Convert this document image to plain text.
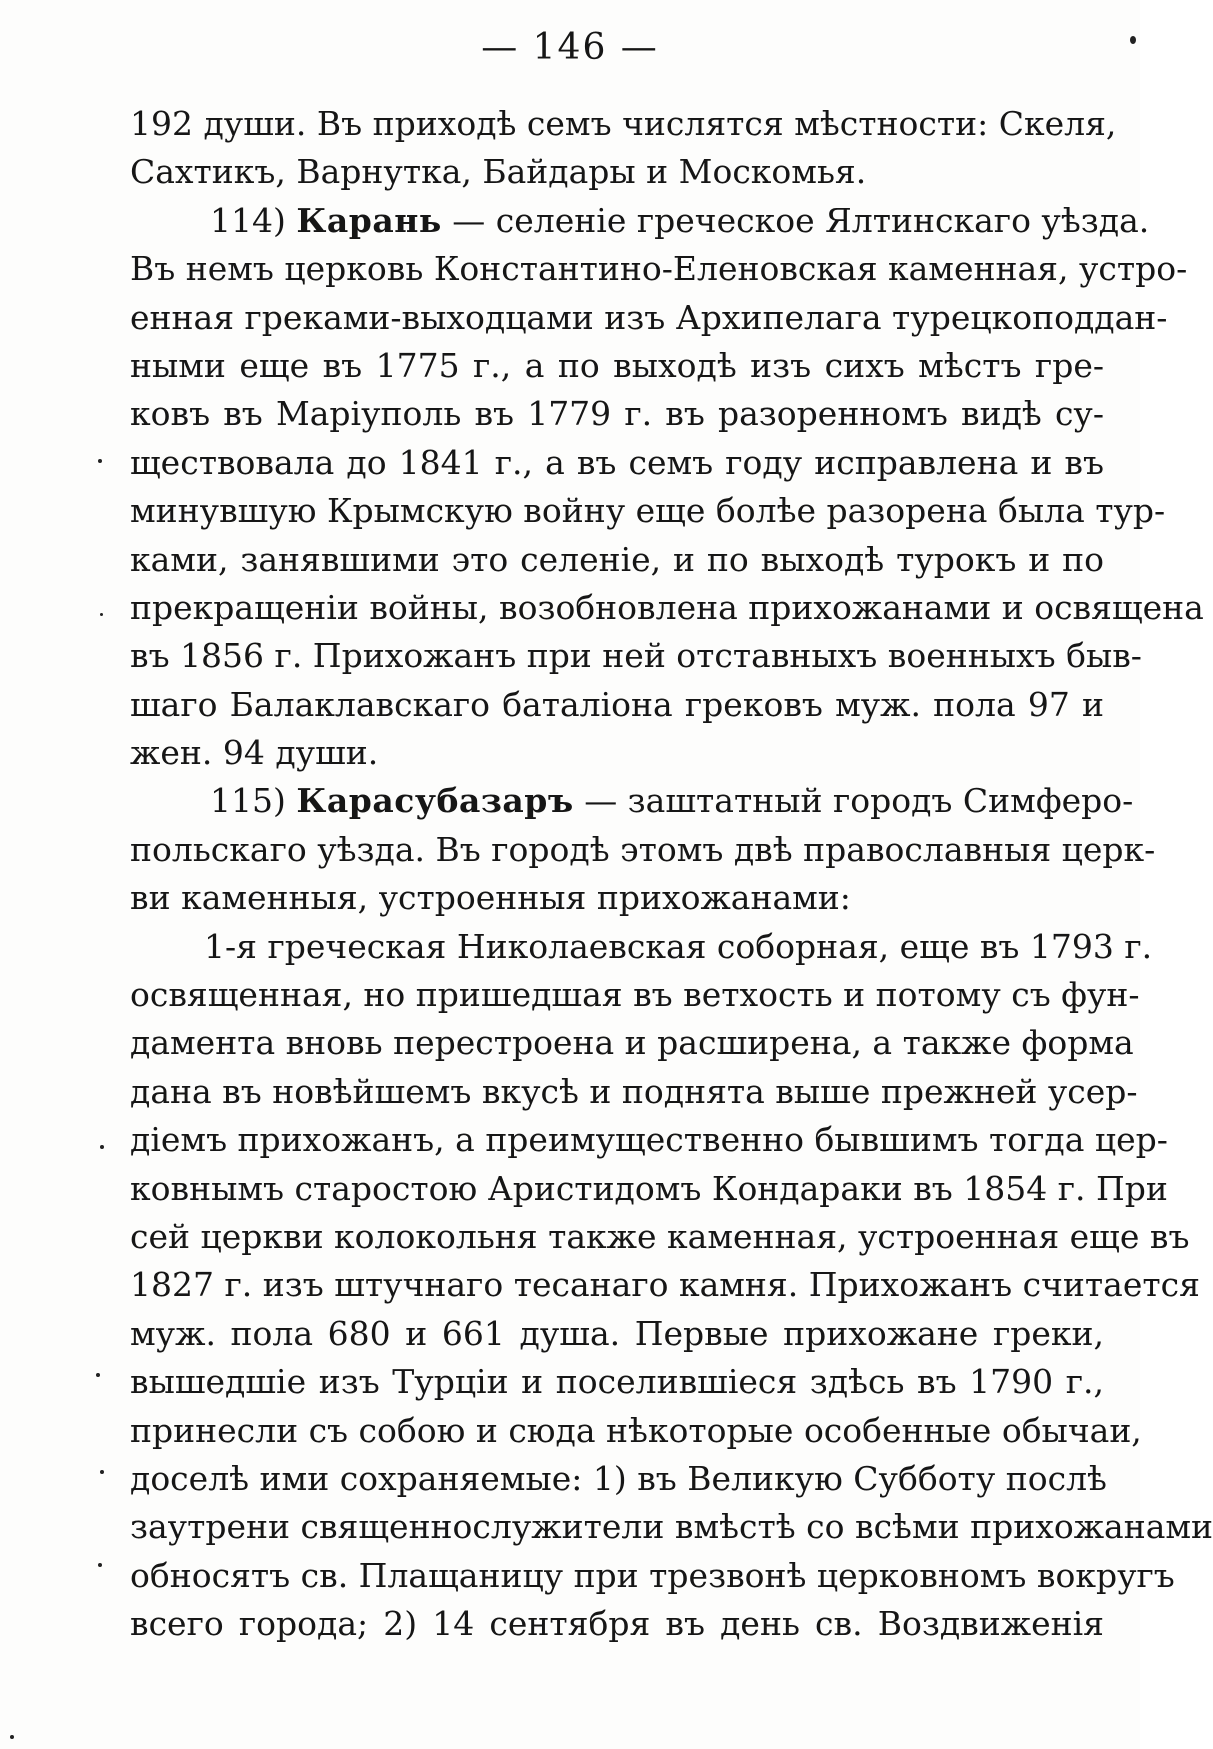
— 146 —
192 души. Въ приходѣ семъ числятся мѣстности: Скеля,
Сахтикъ, Варнутка, Байдары и Москомья.
114) Карань — селеніе греческое Ялтинскаго уѣзда.
Въ немъ церковь Константино-Еленовская каменная, устро-
енная греками-выходцами изъ Архипелага турецкоподдан-
ными еще въ 1775 г., а по выходѣ изъ сихъ мѣстъ гре-
ковъ въ Маріуполь въ 1779 г. въ разоренномъ видѣ су-
ществовала до 1841 г., а въ семъ году исправлена и въ
минувшую Крымскую войну еще болѣе разорена была тур-
ками, занявшими это селеніе, и по выходѣ турокъ и по
прекращеніи войны, возобновлена прихожанами и освящена
въ 1856 г. Прихожанъ при ней отставныхъ военныхъ быв-
шаго Балаклавскаго баталіона грековъ муж. пола 97 и
жен. 94 души.
115) Карасубазаръ — заштатный городъ Симферо-
польскаго уѣзда. Въ городѣ этомъ двѣ православныя церк-
ви каменныя, устроенныя прихожанами:
1-я греческая Николаевская соборная, еще въ 1793 г.
освященная, но пришедшая въ ветхость и потому съ фун-
дамента вновь перестроена и расширена, а также форма
дана въ новѣйшемъ вкусѣ и поднята выше прежней усер-
діемъ прихожанъ, а преимущественно бывшимъ тогда цер-
ковнымъ старостою Аристидомъ Кондараки въ 1854 г. При
сей церкви колокольня также каменная, устроенная еще въ
1827 г. изъ штучнаго тесанаго камня. Прихожанъ считается
муж. пола 680 и 661 душа. Первые прихожане греки,
вышедшіе изъ Турціи и поселившіеся здѣсь въ 1790 г.,
принесли съ собою и сюда нѣкоторые особенные обычаи,
доселѣ ими сохраняемые: 1) въ Великую Субботу послѣ
заутрени священнослужители вмѣстѣ со всѣми прихожанами
обносятъ св. Плащаницу при трезвонѣ церковномъ вокругъ
всего города; 2) 14 сентября въ день св. Воздвиженія
